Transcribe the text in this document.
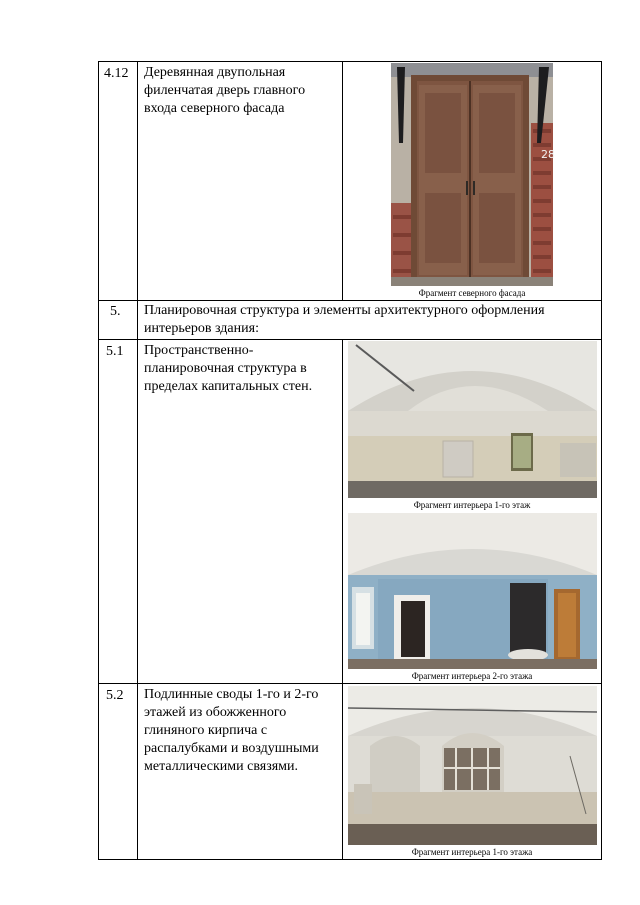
4.12 Деревянная двупольная филенчатая дверь главного входа северного фасада
28
Фрагмент северного фасада
5. Планировочная структура и элементы архитектурного оформления интерьеров здания:
5.1 Пространственно-планировочная структура в пределах капитальных стен.
Фрагмент интерьера 1-го этаж
Фрагмент интерьера 2-го этажа
5.2 Подлинные своды 1-го и 2-го этажей из обожженного глиняного кирпича с распалубками и воздушными металлическими связями.
Фрагмент интерьера 1-го этажа
